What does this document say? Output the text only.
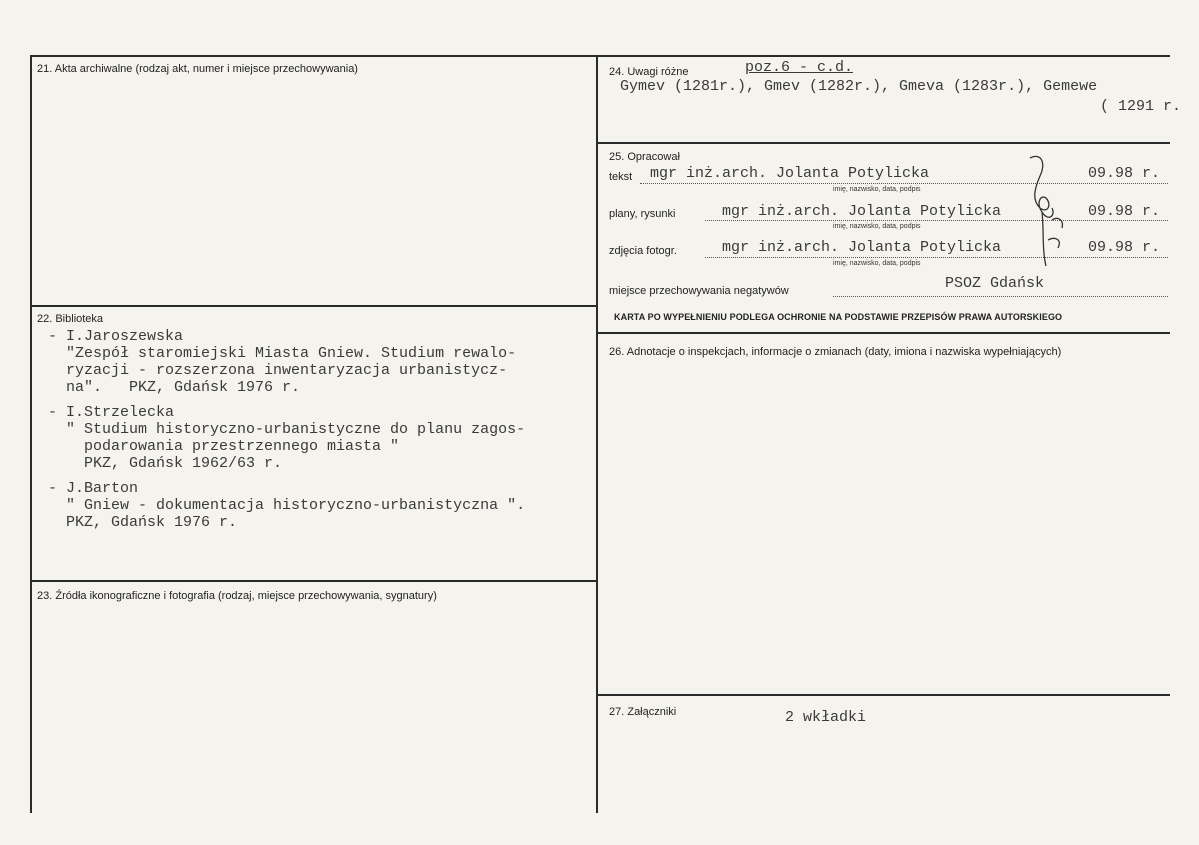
21. Akta archiwalne (rodzaj akt, numer i miejsce przechowywania)
22. Biblioteka
- I.Jaroszewska
"Zespół staromiejski Miasta Gniew. Studium rewalo-
ryzacji - rozszerzona inwentaryzacja urbanistycz-
na".   PKZ, Gdańsk 1976 r.
- I.Strzelecka
" Studium historyczno-urbanistyczne do planu zagos-
podarowania przestrzennego miasta "
PKZ, Gdańsk 1962/63 r.
- J.Barton
" Gniew - dokumentacja historyczno-urbanistyczna ".
PKZ, Gdańsk 1976 r.
23. Źródła ikonograficzne i fotografia (rodzaj, miejsce przechowywania, sygnatury)
24. Uwagi różne	poz.6 - c.d.
Gymev (1281r.), Gmev (1282r.), Gmeva (1283r.), Gemewe
( 1291 r.
25. Opracował
tekst mgr inż.arch. Jolanta Potylicka	09.98 r.
imię, nazwisko, data, podpis
plany, rysunki	mgr inż.arch. Jolanta Potylicka	09.98 r.
imię, nazwisko, data, podpis
zdjęcia fotogr.	mgr inż.arch. Jolanta Potylicka	09.98 r.
imię, nazwisko, data, podpis
miejsce przechowywania negatywów	PSOZ Gdańsk
KARTA PO WYPEŁNIENIU PODLEGA OCHRONIE NA PODSTAWIE PRZEPISÓW PRAWA AUTORSKIEGO
26. Adnotacje o inspekcjach, informacje o zmianach (daty, imiona i nazwiska wypełniających)
27. Załączniki	2 wkładki
